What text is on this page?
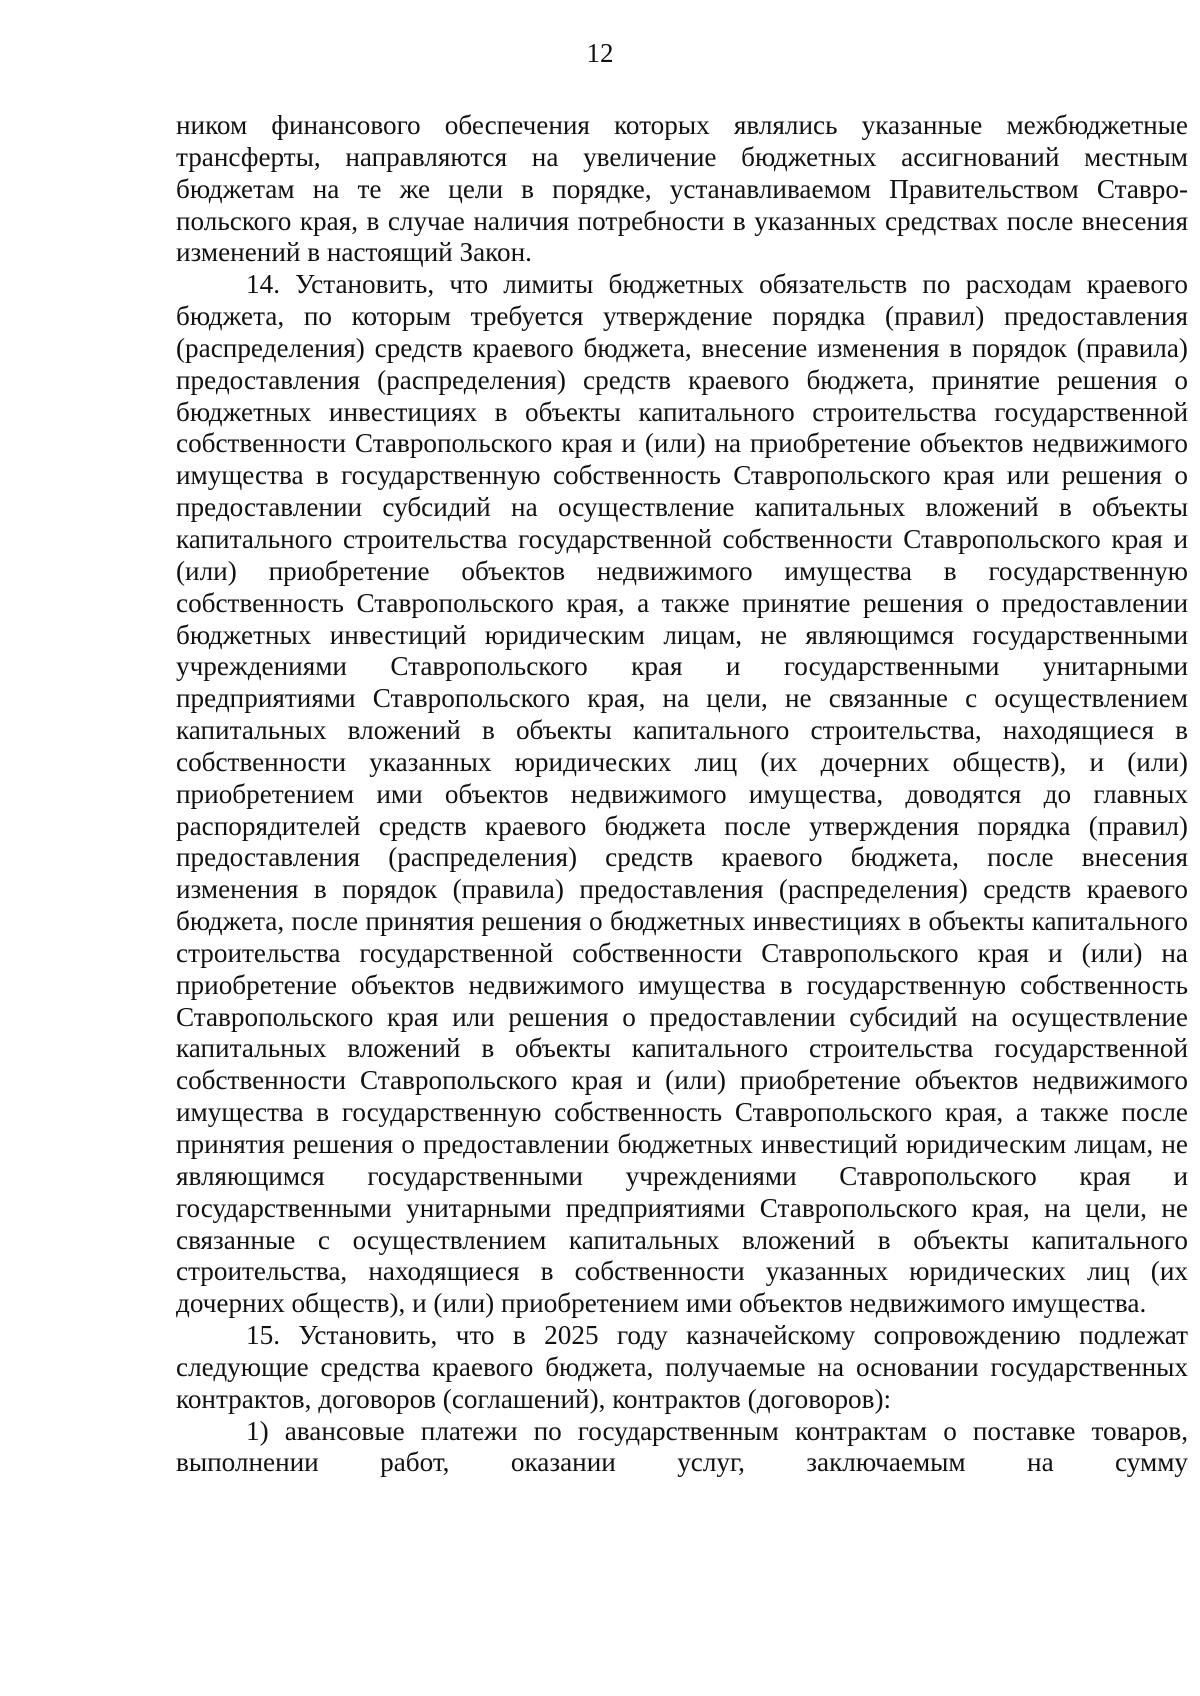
12

ником финансового обеспечения которых являлись указанные межбюджетные трансферты, направляются на увеличение бюджетных ассигнований местным бюджетам на те же цели в порядке, устанавливаемом Правительством Ставропольского края, в случае наличия потребности в указанных средствах после внесения изменений в настоящий Закон.

14. Установить, что лимиты бюджетных обязательств по расходам краевого бюджета, по которым требуется утверждение порядка (правил) предоставления (распределения) средств краевого бюджета, внесение изменения в порядок (правила) предоставления (распределения) средств краевого бюджета, принятие решения о бюджетных инвестициях в объекты капитального строительства государственной собственности Ставропольского края и (или) на приобретение объектов недвижимого имущества в государственную собственность Ставропольского края или решения о предоставлении субсидий на осуществление капитальных вложений в объекты капитального строительства государственной собственности Ставропольского края и (или) приобретение объектов недвижимого имущества в государственную собственность Ставропольского края, а также принятие решения о предоставлении бюджетных инвестиций юридическим лицам, не являющимся государственными учреждениями Ставропольского края и государственными унитарными предприятиями Ставропольского края, на цели, не связанные с осуществлением капитальных вложений в объекты капитального строительства, находящиеся в собственности указанных юридических лиц (их дочерних обществ), и (или) приобретением ими объектов недвижимого имущества, доводятся до главных распорядителей средств краевого бюджета после утверждения порядка (правил) предоставления (распределения) средств краевого бюджета, после внесения изменения в порядок (правила) предоставления (распределения) средств краевого бюджета, после принятия решения о бюджетных инвестициях в объекты капитального строительства государственной собственности Ставропольского края и (или) на приобретение объектов недвижимого имущества в государственную собственность Ставропольского края или решения о предоставлении субсидий на осуществление капитальных вложений в объекты капитального строительства государственной собственности Ставропольского края и (или) приобретение объектов недвижимого имущества в государственную собственность Ставропольского края, а также после принятия решения о предоставлении бюджетных инвестиций юридическим лицам, не являющимся государственными учреждениями Ставропольского края и государственными унитарными предприятиями Ставропольского края, на цели, не связанные с осуществлением капитальных вложений в объекты капитального строительства, находящиеся в собственности указанных юридических лиц (их дочерних обществ), и (или) приобретением ими объектов недвижимого имущества.

15. Установить, что в 2025 году казначейскому сопровождению подлежат следующие средства краевого бюджета, получаемые на основании государственных контрактов, договоров (соглашений), контрактов (договоров):

1) авансовые платежи по государственным контрактам о поставке товаров, выполнении работ, оказании услуг, заключаемым на сумму
